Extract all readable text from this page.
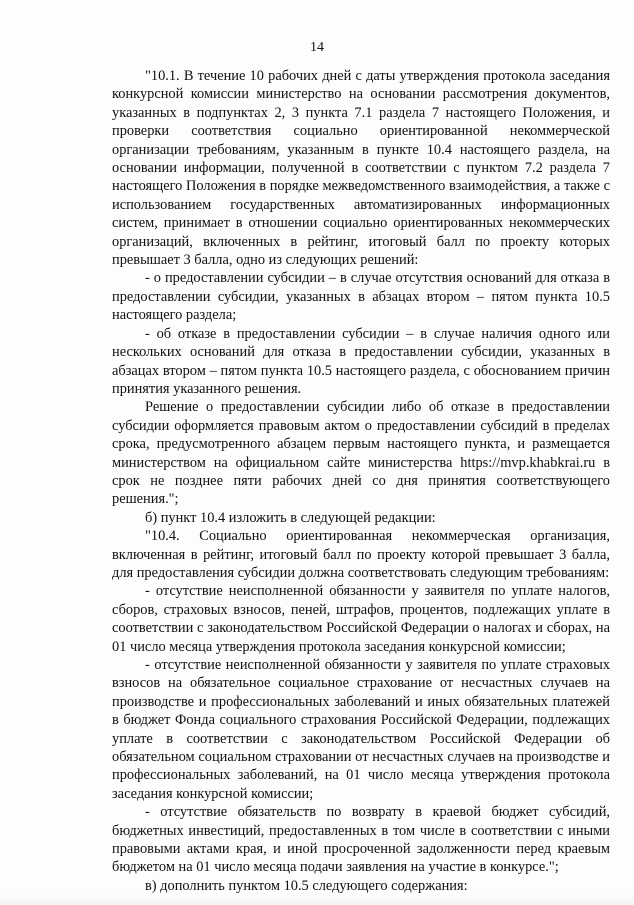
14

"10.1. В течение 10 рабочих дней с даты утверждения протокола заседания конкурсной комиссии министерство на основании рассмотрения документов, указанных в подпунктах 2, 3 пункта 7.1 раздела 7 настоящего Положения, и проверки соответствия социально ориентированной некоммерческой организации требованиям, указанным в пункте 10.4 настоящего раздела, на основании информации, полученной в соответствии с пунктом 7.2 раздела 7 настоящего Положения в порядке межведомственного взаимодействия, а также с использованием государственных автоматизированных информационных систем, принимает в отношении социально ориентированных некоммерческих организаций, включенных в рейтинг, итоговый балл по проекту которых превышает 3 балла, одно из следующих решений:

- о предоставлении субсидии – в случае отсутствия оснований для отказа в предоставлении субсидии, указанных в абзацах втором – пятом пункта 10.5 настоящего раздела;

- об отказе в предоставлении субсидии – в случае наличия одного или нескольких оснований для отказа в предоставлении субсидии, указанных в абзацах втором – пятом пункта 10.5 настоящего раздела, с обоснованием причин принятия указанного решения.

Решение о предоставлении субсидии либо об отказе в предоставлении субсидии оформляется правовым актом о предоставлении субсидий в пределах срока, предусмотренного абзацем первым настоящего пункта, и размещается министерством на официальном сайте министерства https://mvp.khabkrai.ru в срок не позднее пяти рабочих дней со дня принятия соответствующего решения.";

б) пункт 10.4 изложить в следующей редакции:

"10.4. Социально ориентированная некоммерческая организация, включенная в рейтинг, итоговый балл по проекту которой превышает 3 балла, для предоставления субсидии должна соответствовать следующим требованиям:

- отсутствие неисполненной обязанности у заявителя по уплате налогов, сборов, страховых взносов, пеней, штрафов, процентов, подлежащих уплате в соответствии с законодательством Российской Федерации о налогах и сборах, на 01 число месяца утверждения протокола заседания конкурсной комиссии;

- отсутствие неисполненной обязанности у заявителя по уплате страховых взносов на обязательное социальное страхование от несчастных случаев на производстве и профессиональных заболеваний и иных обязательных платежей в бюджет Фонда социального страхования Российской Федерации, подлежащих уплате в соответствии с законодательством Российской Федерации об обязательном социальном страховании от несчастных случаев на производстве и профессиональных заболеваний, на 01 число месяца утверждения протокола заседания конкурсной комиссии;

- отсутствие обязательств по возврату в краевой бюджет субсидий, бюджетных инвестиций, предоставленных в том числе в соответствии с иными правовыми актами края, и иной просроченной задолженности перед краевым бюджетом на 01 число месяца подачи заявления на участие в конкурсе.";

в) дополнить пунктом 10.5 следующего содержания:
